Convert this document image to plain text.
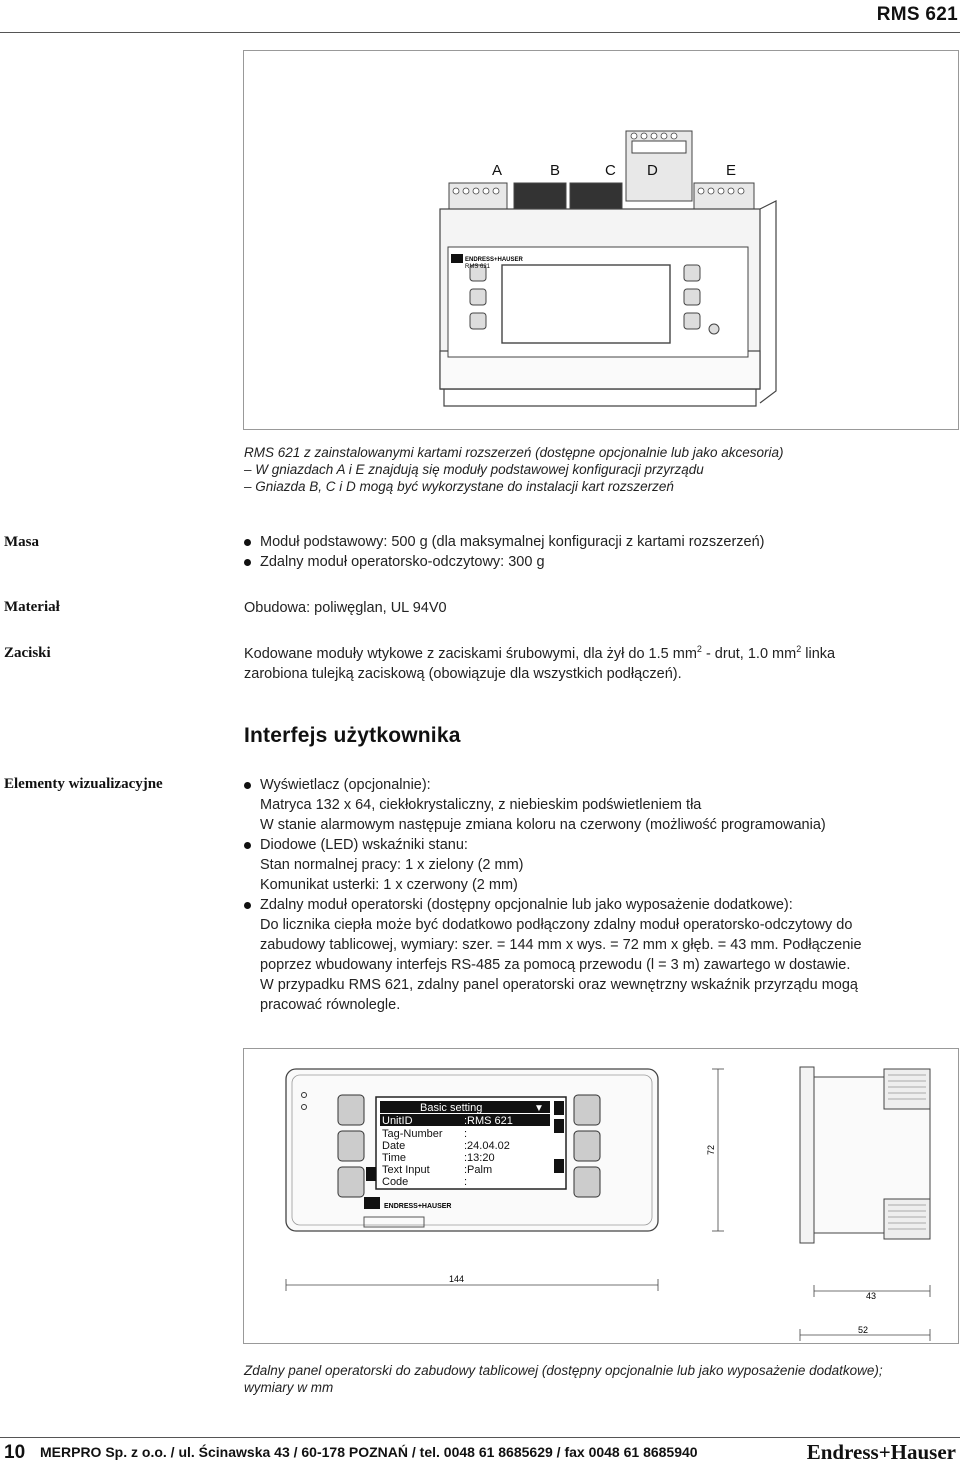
RMS 621
ENDRESS+HAUSER
RMS 621
A	B	C D	E
RMS 621 z zainstalowanymi kartami rozszerzeń (dostępne opcjonalnie lub jako akcesoria)
– W gniazdach A i E znajdują się moduły podstawowej konfiguracji przyrządu
– Gniazda B, C i D mogą być wykorzystane do instalacji kart rozszerzeń
Masa	Moduł podstawowy: 500 g (dla maksymalnej konfiguracji z kartami rozszerzeń)
Zdalny moduł operatorsko-odczytowy: 300 g
Materiał	Obudowa: poliwęglan, UL 94V0
Zaciski	Kodowane moduły wtykowe z zaciskami śrubowymi, dla żył do 1.5 $mm^2$ - drut, 1.0 $mm^2$ linka
zarobiona tulejką zaciskową (obowiązuje dla wszystkich podłączeń).
Interfejs użytkownika
Elementy wizualizacyjne	Wyświetlacz (opcjonalnie):
Matryca 132 x 64, ciekłokrystaliczny, z niebieskim podświetleniem tła
W stanie alarmowym następuje zmiana koloru na czerwony (możliwość programowania)
Diodowe (LED) wskaźniki stanu:
Stan normalnej pracy: 1 x zielony (2 mm)
Komunikat usterki: 1 x czerwony (2 mm)
Zdalny moduł operatorski (dostępny opcjonalnie lub jako wyposażenie dodatkowe):
Do licznika ciepła może być dodatkowo podłączony zdalny moduł operatorsko-odczytowy do
zabudowy tablicowej, wymiary: szer. = 144 mm x wys. = 72 mm x głęb. = 43 mm. Podłączenie
poprzez wbudowany interfejs RS-485 za pomocą przewodu (l = 3 m) zawartego w dostawie.
W przypadku RMS 621, zdalny panel operatorski oraz wewnętrzny wskaźnik przyrządu mogą
pracować równolegle.
Basic setting	▼
UnitID	:RMS 621
Tag-Number :
Date	:24.04.02
Time	:13:20
Text Input	:Palm
Code	:
ENDRESS+HAUSER
72
144
43
52
Zdalny panel operatorski do zabudowy tablicowej (dostępny opcjonalnie lub jako wyposażenie dodatkowe);
wymiary w mm
10 MERPRO Sp. z o.o. / ul. Ścinawska 43 / 60-178 POZNAŃ / tel. 0048 61 8685629 / fax 0048 61 8685940	Endress+Hauser
